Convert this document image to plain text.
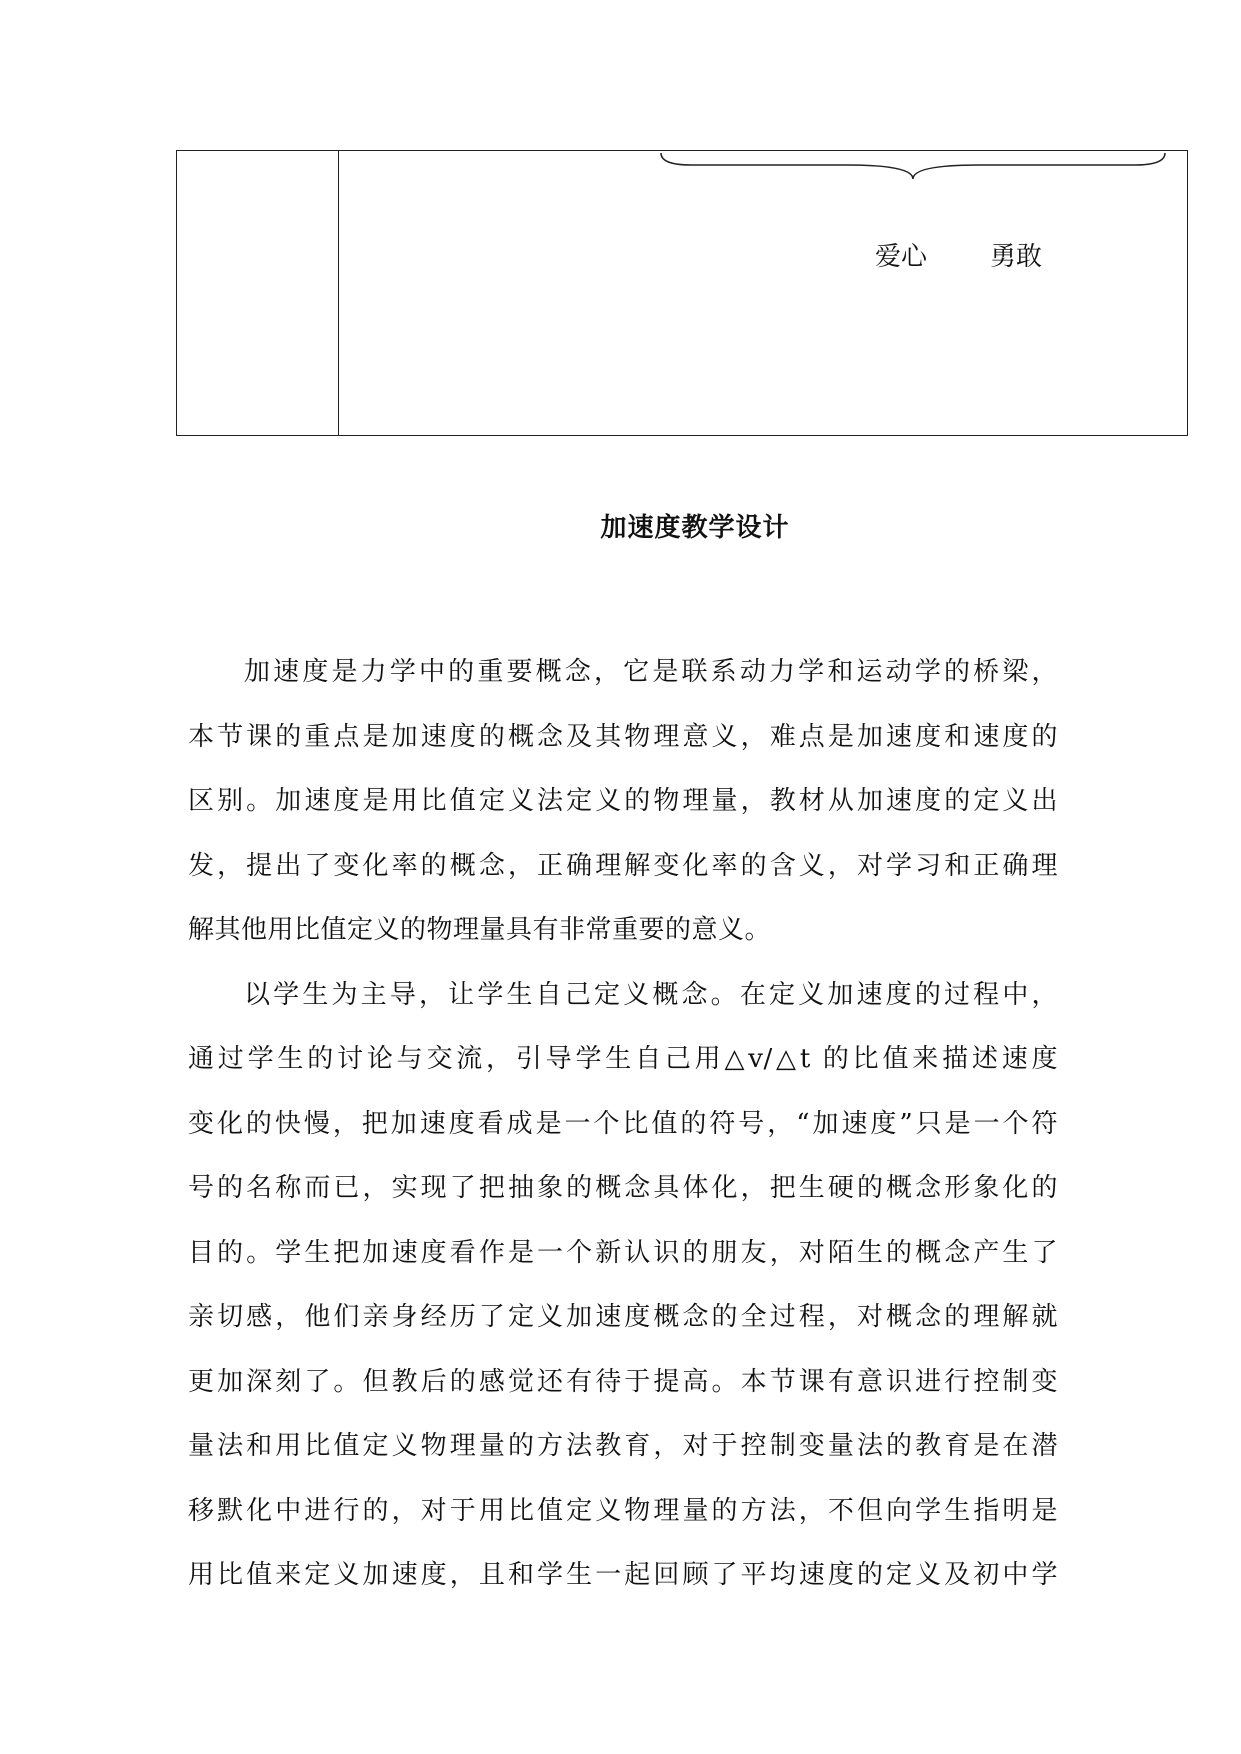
爱心 勇敢
加速度教学设计
加速度是力学中的重要概念，它是联系动力学和运动学的桥梁，
本节课的重点是加速度的概念及其物理意义，难点是加速度和速度的
区别。加速度是用比值定义法定义的物理量，教材从加速度的定义出
发，提出了变化率的概念，正确理解变化率的含义，对学习和正确理
解其他用比值定义的物理量具有非常重要的意义。
以学生为主导，让学生自己定义概念。在定义加速度的过程中，
通过学生的讨论与交流，引导学生自己用△v/△t 的比值来描述速度
变化的快慢，把加速度看成是一个比值的符号，“加速度”只是一个符
号的名称而已，实现了把抽象的概念具体化，把生硬的概念形象化的
目的。学生把加速度看作是一个新认识的朋友，对陌生的概念产生了
亲切感，他们亲身经历了定义加速度概念的全过程，对概念的理解就
更加深刻了。但教后的感觉还有待于提高。本节课有意识进行控制变
量法和用比值定义物理量的方法教育，对于控制变量法的教育是在潜
移默化中进行的，对于用比值定义物理量的方法，不但向学生指明是
用比值来定义加速度，且和学生一起回顾了平均速度的定义及初中学
